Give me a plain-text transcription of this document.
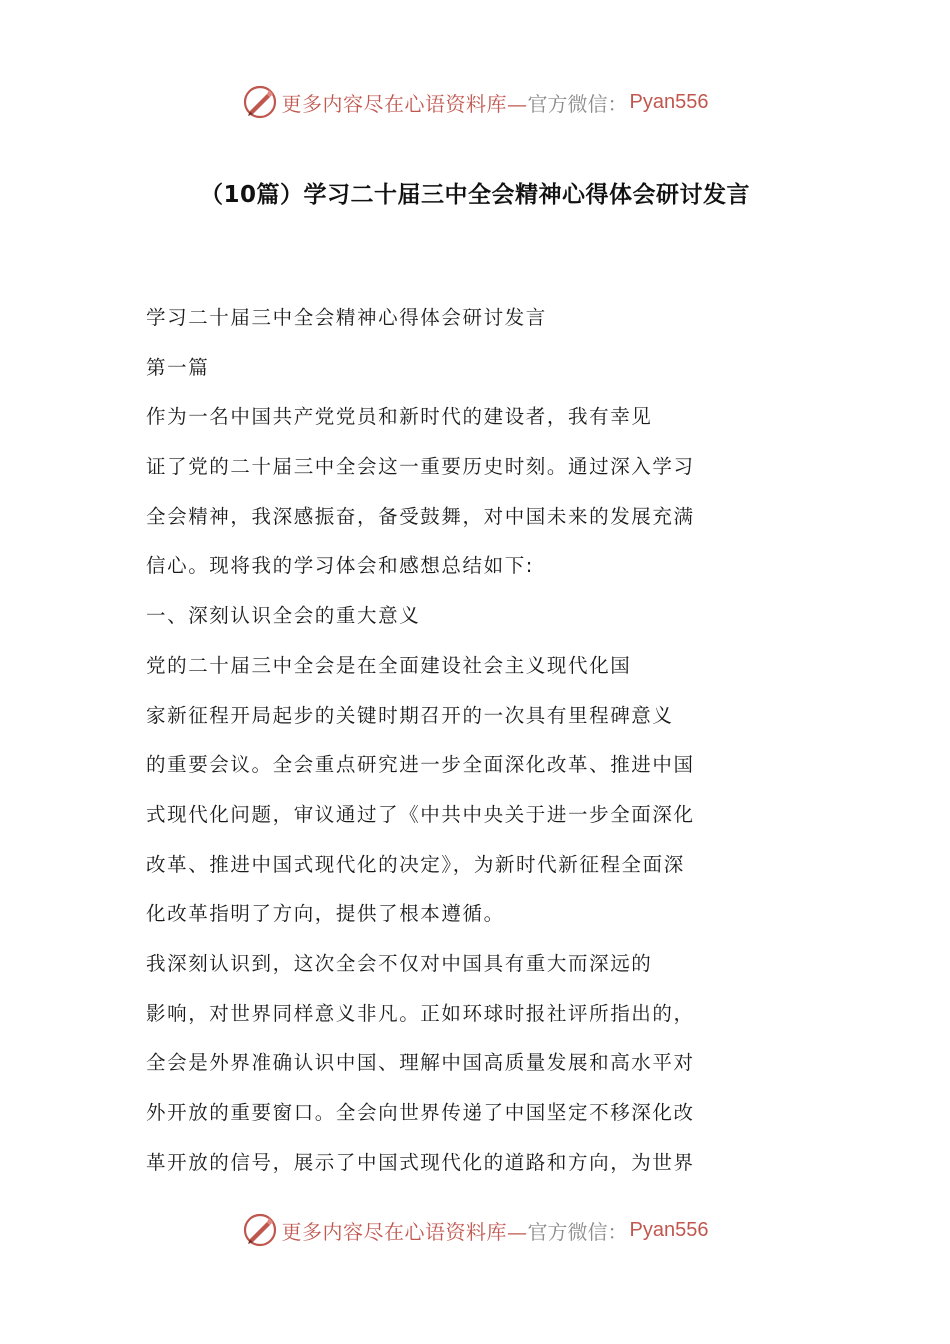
更多内容尽在心语资料库— 官方微信： Pyan556
（10篇）学习二十届三中全会精神心得体会研讨发言
学习二十届三中全会精神心得体会研讨发言
第一篇
作为一名中国共产党党员和新时代的建设者，我有幸见
证了党的二十届三中全会这一重要历史时刻。通过深入学习
全会精神，我深感振奋，备受鼓舞，对中国未来的发展充满
信心。现将我的学习体会和感想总结如下:
一、深刻认识全会的重大意义
党的二十届三中全会是在全面建设社会主义现代化国
家新征程开局起步的关键时期召开的一次具有里程碑意义
的重要会议。全会重点研究进一步全面深化改革、推进中国
式现代化问题，审议通过了《中共中央关于进一步全面深化
改革、推进中国式现代化的决定》，为新时代新征程全面深
化改革指明了方向，提供了根本遵循。
我深刻认识到，这次全会不仅对中国具有重大而深远的
影响，对世界同样意义非凡。正如环球时报社评所指出的，
全会是外界准确认识中国、理解中国高质量发展和高水平对
外开放的重要窗口。全会向世界传递了中国坚定不移深化改
革开放的信号，展示了中国式现代化的道路和方向，为世界
更多内容尽在心语资料库— 官方微信： Pyan556
